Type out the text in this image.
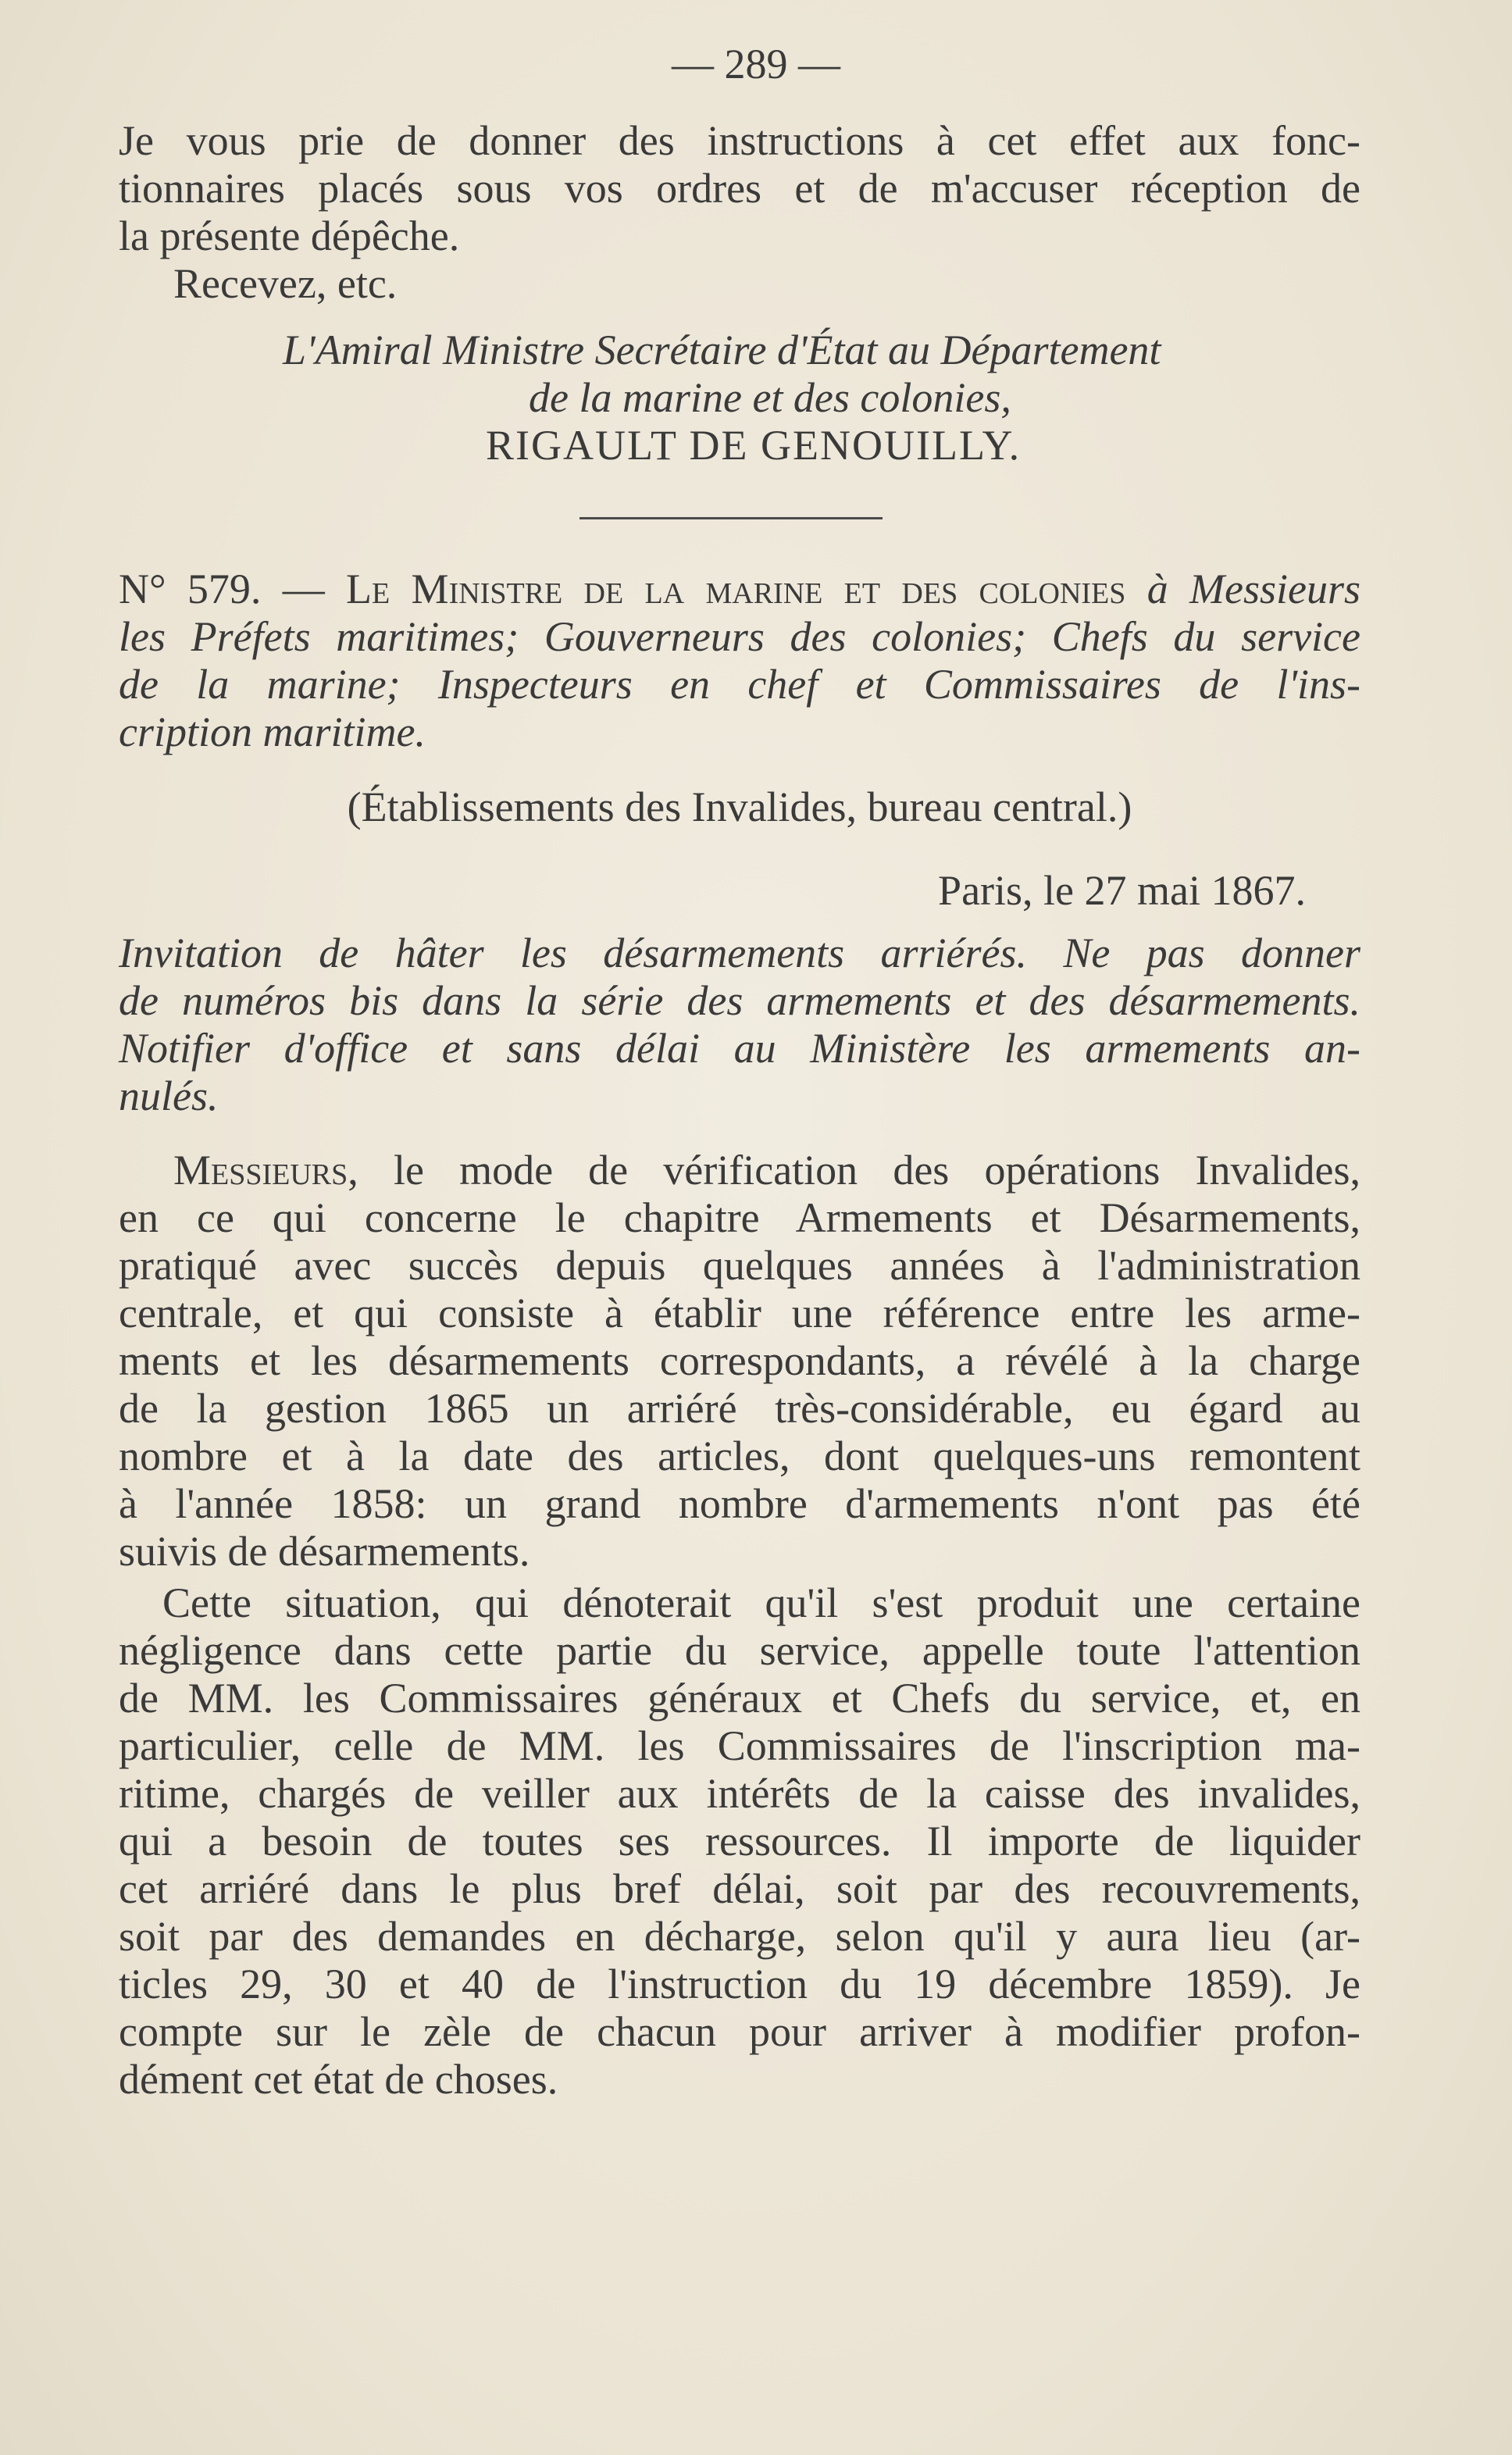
— 289 —
Je vous prie de donner des instructions à cet effet aux fonc-
tionnaires placés sous vos ordres et de m'accuser réception de
la présente dépêche.
Recevez, etc.
L'Amiral Ministre Secrétaire d'État au Département
de la marine et des colonies,
RIGAULT DE GENOUILLY.
N° 579. — Le Ministre de la marine et des colonies à Messieurs
les Préfets maritimes; Gouverneurs des colonies; Chefs du service
de la marine; Inspecteurs en chef et Commissaires de l'ins-
cription maritime.
(Établissements des Invalides, bureau central.)
Paris, le 27 mai 1867.
Invitation de hâter les désarmements arriérés. Ne pas donner
de numéros bis dans la série des armements et des désarmements.
Notifier d'office et sans délai au Ministère les armements an-
nulés.
Messieurs, le mode de vérification des opérations Invalides,
en ce qui concerne le chapitre Armements et Désarmements,
pratiqué avec succès depuis quelques années à l'administration
centrale, et qui consiste à établir une référence entre les arme-
ments et les désarmements correspondants, a révélé à la charge
de la gestion 1865 un arriéré très-considérable, eu égard au
nombre et à la date des articles, dont quelques-uns remontent
à l'année 1858: un grand nombre d'armements n'ont pas été
suivis de désarmements.
Cette situation, qui dénoterait qu'il s'est produit une certaine
négligence dans cette partie du service, appelle toute l'attention
de MM. les Commissaires généraux et Chefs du service, et, en
particulier, celle de MM. les Commissaires de l'inscription ma-
ritime, chargés de veiller aux intérêts de la caisse des invalides,
qui a besoin de toutes ses ressources. Il importe de liquider
cet arriéré dans le plus bref délai, soit par des recouvrements,
soit par des demandes en décharge, selon qu'il y aura lieu (ar-
ticles 29, 30 et 40 de l'instruction du 19 décembre 1859). Je
compte sur le zèle de chacun pour arriver à modifier profon-
dément cet état de choses.
